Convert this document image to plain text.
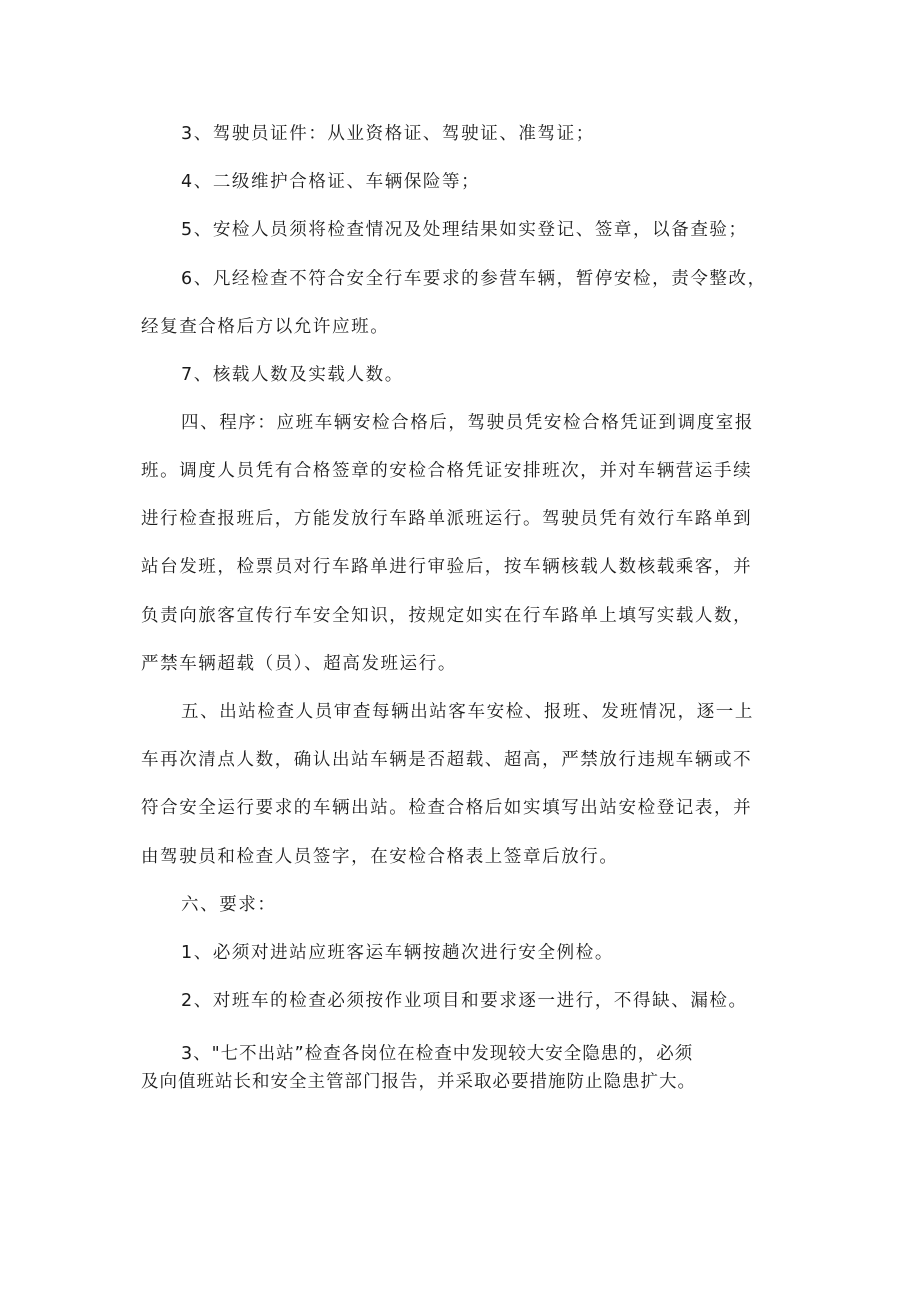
3、驾驶员证件：从业资格证、驾驶证、准驾证；
4、二级维护合格证、车辆保险等；
5、安检人员须将检查情况及处理结果如实登记、签章，以备查验；
6、凡经检查不符合安全行车要求的参营车辆，暂停安检，责令整改，
经复查合格后方以允许应班。
7、核载人数及实载人数。
四、程序：应班车辆安检合格后，驾驶员凭安检合格凭证到调度室报
班。调度人员凭有合格签章的安检合格凭证安排班次，并对车辆营运手续
进行检查报班后，方能发放行车路单派班运行。驾驶员凭有效行车路单到
站台发班，检票员对行车路单进行审验后，按车辆核载人数核载乘客，并
负责向旅客宣传行车安全知识，按规定如实在行车路单上填写实载人数，
严禁车辆超载（员）、超高发班运行。
五、出站检查人员审查每辆出站客车安检、报班、发班情况，逐一上
车再次清点人数，确认出站车辆是否超载、超高，严禁放行违规车辆或不
符合安全运行要求的车辆出站。检查合格后如实填写出站安检登记表，并
由驾驶员和检查人员签字，在安检合格表上签章后放行。
六、要求：
1、必须对进站应班客运车辆按趟次进行安全例检。
2、对班车的检查必须按作业项目和要求逐一进行，不得缺、漏检。
3、"七不出站”检查各岗位在检查中发现较大安全隐患的，必须
及向值班站长和安全主管部门报告，并采取必要措施防止隐患扩大。
